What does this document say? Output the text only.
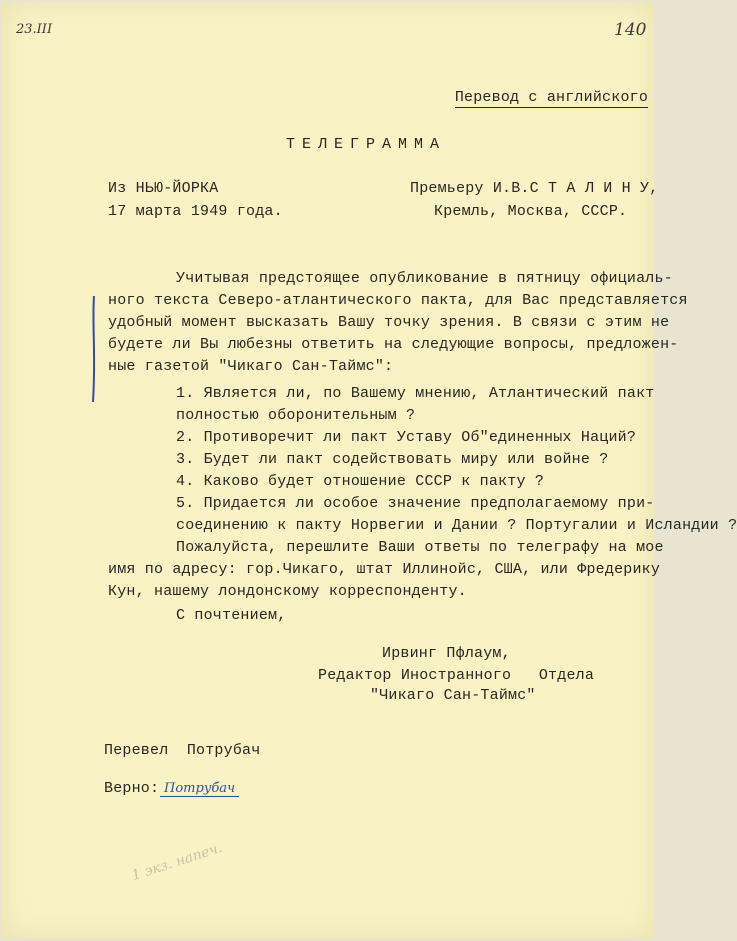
23.III	140

Перевод с английского

ТЕЛЕГРАММА
Из НЬЮ-ЙОРКА
17 марта 1949 года.
Премьеру И.В.С Т А Л И Н У,
Кремль, Москва, СССР.
Учитывая предстоящее опубликование в пятницу официаль-
ного текста Северо-атлантического пакта, для Вас представляется
удобный момент высказать Вашу точку зрения. В связи с этим не
будете ли Вы любезны ответить на следующие вопросы, предложен-
ные газетой "Чикаго Сан-Таймс":
1. Является ли, по Вашему мнению, Атлантический пакт
полностью оборонительным ?
2. Противоречит ли пакт Уставу Об"единенных Наций?
3. Будет ли пакт содействовать миру или войне ?
4. Каково будет отношение СССР к пакту ?
5. Придается ли особое значение предполагаемому при-
соединению к пакту Норвегии и Дании ? Португалии и Исландии ?
Пожалуйста, перешлите Ваши ответы по телеграфу на мое
имя по адресу: гор.Чикаго, штат Иллинойс, США, или Фредерику
Кун, нашему лондонскому корреспонденту.
С почтением,
Ирвинг Пфлаум,
Редактор Иностранного   Отдела
"Чикаго Сан-Таймс"
Перевел  Потрубач
Верно: Потрубач
1 экз. напеч.
